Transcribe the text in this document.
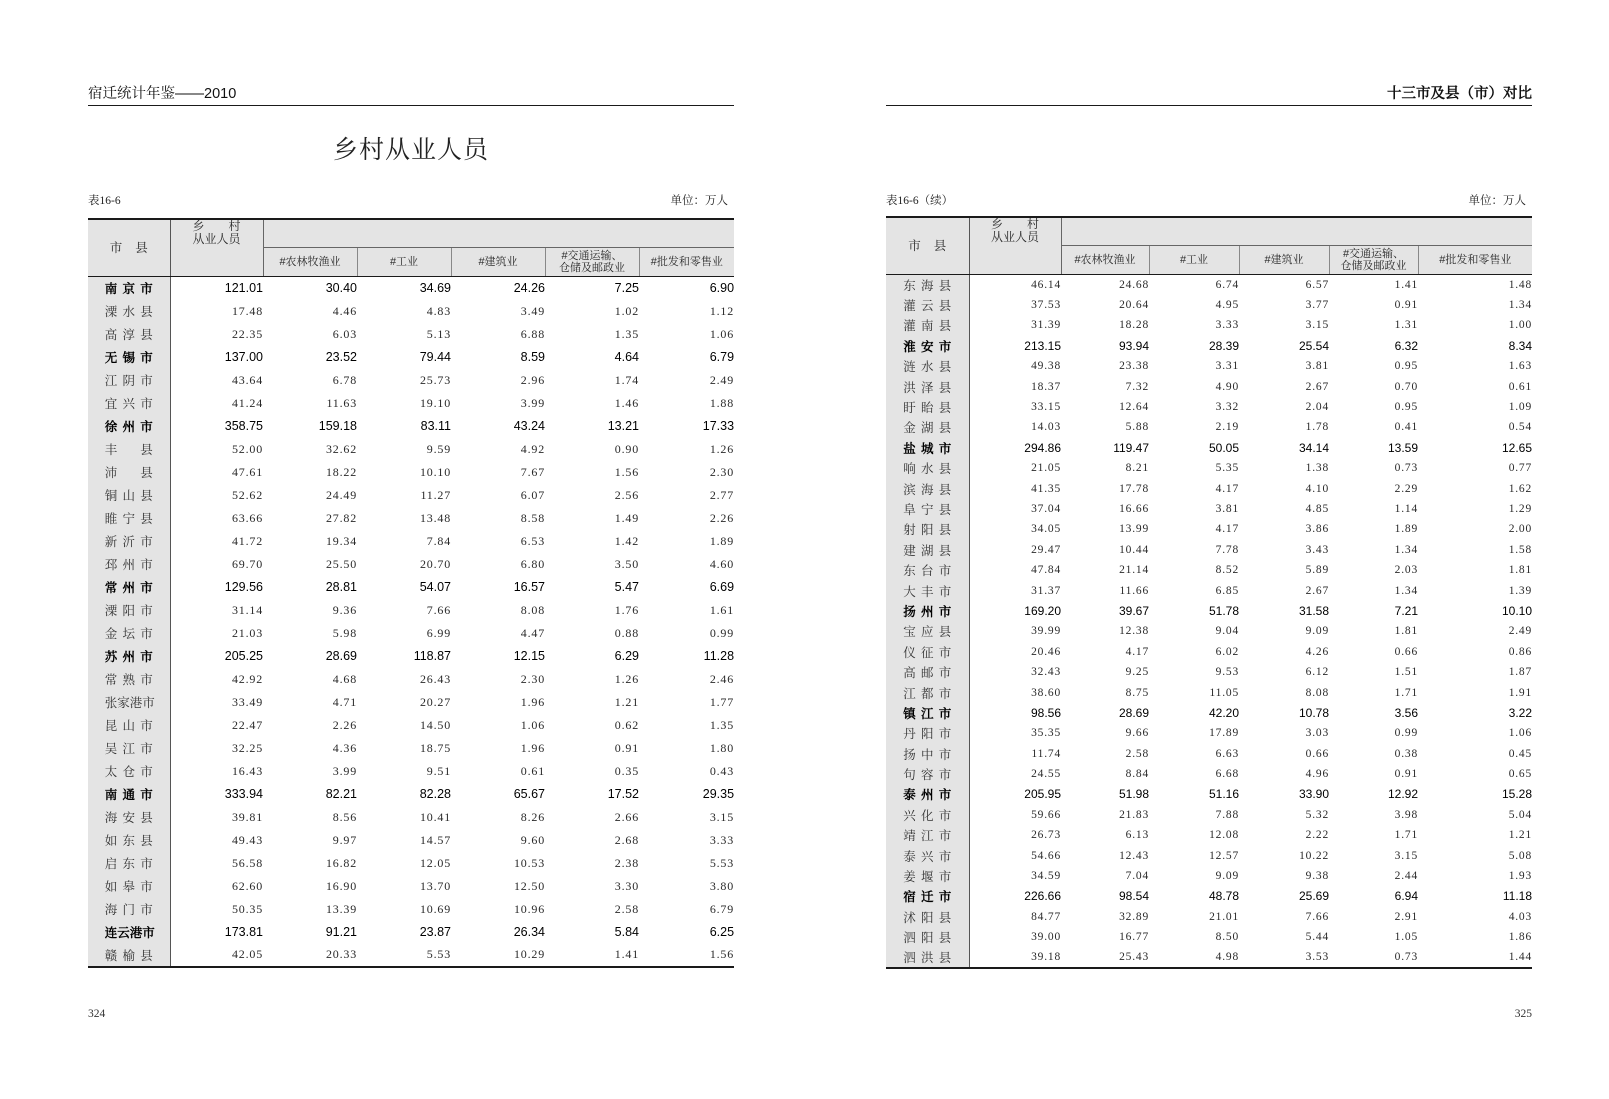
宿迁统计年鉴——2010
乡村从业人员
表16-6	单位：万人
市 县	乡 村
从业人员					

		#农林牧渔业	#工业	#建筑业	#交通运输、
仓储及邮政业	#批发和零售业

南 京 市	121.01	30.40	34.69	24.26	7.25	6.90

溧 水 县	17.48	4.46	4.83	3.49	1.02	1.12

高 淳 县	22.35	6.03	5.13	6.88	1.35	1.06

无 锡 市	137.00	23.52	79.44	8.59	4.64	6.79

江 阴 市	43.64	6.78	25.73	2.96	1.74	2.49

宜 兴 市	41.24	11.63	19.10	3.99	1.46	1.88

徐 州 市	358.75	159.18	83.11	43.24	13.21	17.33

丰 县	52.00	32.62	9.59	4.92	0.90	1.26

沛 县	47.61	18.22	10.10	7.67	1.56	2.30

铜 山 县	52.62	24.49	11.27	6.07	2.56	2.77

睢 宁 县	63.66	27.82	13.48	8.58	1.49	2.26

新 沂 市	41.72	19.34	7.84	6.53	1.42	1.89

邳 州 市	69.70	25.50	20.70	6.80	3.50	4.60

常 州 市	129.56	28.81	54.07	16.57	5.47	6.69

溧 阳 市	31.14	9.36	7.66	8.08	1.76	1.61

金 坛 市	21.03	5.98	6.99	4.47	0.88	0.99

苏 州 市	205.25	28.69	118.87	12.15	6.29	11.28

常 熟 市	42.92	4.68	26.43	2.30	1.26	2.46

张 家 港 市	33.49	4.71	20.27	1.96	1.21	1.77

昆 山 市	22.47	2.26	14.50	1.06	0.62	1.35

吴 江 市	32.25	4.36	18.75	1.96	0.91	1.80

太 仓 市	16.43	3.99	9.51	0.61	0.35	0.43

南 通 市	333.94	82.21	82.28	65.67	17.52	29.35

海 安 县	39.81	8.56	10.41	8.26	2.66	3.15

如 东 县	49.43	9.97	14.57	9.60	2.68	3.33

启 东 市	56.58	16.82	12.05	10.53	2.38	5.53

如 皋 市	62.60	16.90	13.70	12.50	3.30	3.80

海 门 市	50.35	13.39	10.69	10.96	2.58	6.79

连 云 港 市	173.81	91.21	23.87	26.34	5.84	6.25

赣 榆 县	42.05	20.33	5.53	10.29	1.41	1.56
324
十三市及县（市）对比
表16-6（续）	单位：万人
市 县	乡 村
从业人员					

		#农林牧渔业	#工业	#建筑业	#交通运输、
仓储及邮政业	#批发和零售业

东 海 县	46.14	24.68	6.74	6.57	1.41	1.48

灌 云 县	37.53	20.64	4.95	3.77	0.91	1.34

灌 南 县	31.39	18.28	3.33	3.15	1.31	1.00

淮 安 市	213.15	93.94	28.39	25.54	6.32	8.34

涟 水 县	49.38	23.38	3.31	3.81	0.95	1.63

洪 泽 县	18.37	7.32	4.90	2.67	0.70	0.61

盱 眙 县	33.15	12.64	3.32	2.04	0.95	1.09

金 湖 县	14.03	5.88	2.19	1.78	0.41	0.54

盐 城 市	294.86	119.47	50.05	34.14	13.59	12.65

响 水 县	21.05	8.21	5.35	1.38	0.73	0.77

滨 海 县	41.35	17.78	4.17	4.10	2.29	1.62

阜 宁 县	37.04	16.66	3.81	4.85	1.14	1.29

射 阳 县	34.05	13.99	4.17	3.86	1.89	2.00

建 湖 县	29.47	10.44	7.78	3.43	1.34	1.58

东 台 市	47.84	21.14	8.52	5.89	2.03	1.81

大 丰 市	31.37	11.66	6.85	2.67	1.34	1.39

扬 州 市	169.20	39.67	51.78	31.58	7.21	10.10

宝 应 县	39.99	12.38	9.04	9.09	1.81	2.49

仪 征 市	20.46	4.17	6.02	4.26	0.66	0.86

高 邮 市	32.43	9.25	9.53	6.12	1.51	1.87

江 都 市	38.60	8.75	11.05	8.08	1.71	1.91

镇 江 市	98.56	28.69	42.20	10.78	3.56	3.22

丹 阳 市	35.35	9.66	17.89	3.03	0.99	1.06

扬 中 市	11.74	2.58	6.63	0.66	0.38	0.45

句 容 市	24.55	8.84	6.68	4.96	0.91	0.65

泰 州 市	205.95	51.98	51.16	33.90	12.92	15.28

兴 化 市	59.66	21.83	7.88	5.32	3.98	5.04

靖 江 市	26.73	6.13	12.08	2.22	1.71	1.21

泰 兴 市	54.66	12.43	12.57	10.22	3.15	5.08

姜 堰 市	34.59	7.04	9.09	9.38	2.44	1.93

宿 迁 市	226.66	98.54	48.78	25.69	6.94	11.18

沭 阳 县	84.77	32.89	21.01	7.66	2.91	4.03

泗 阳 县	39.00	16.77	8.50	5.44	1.05	1.86

泗 洪 县	39.18	25.43	4.98	3.53	0.73	1.44
325
